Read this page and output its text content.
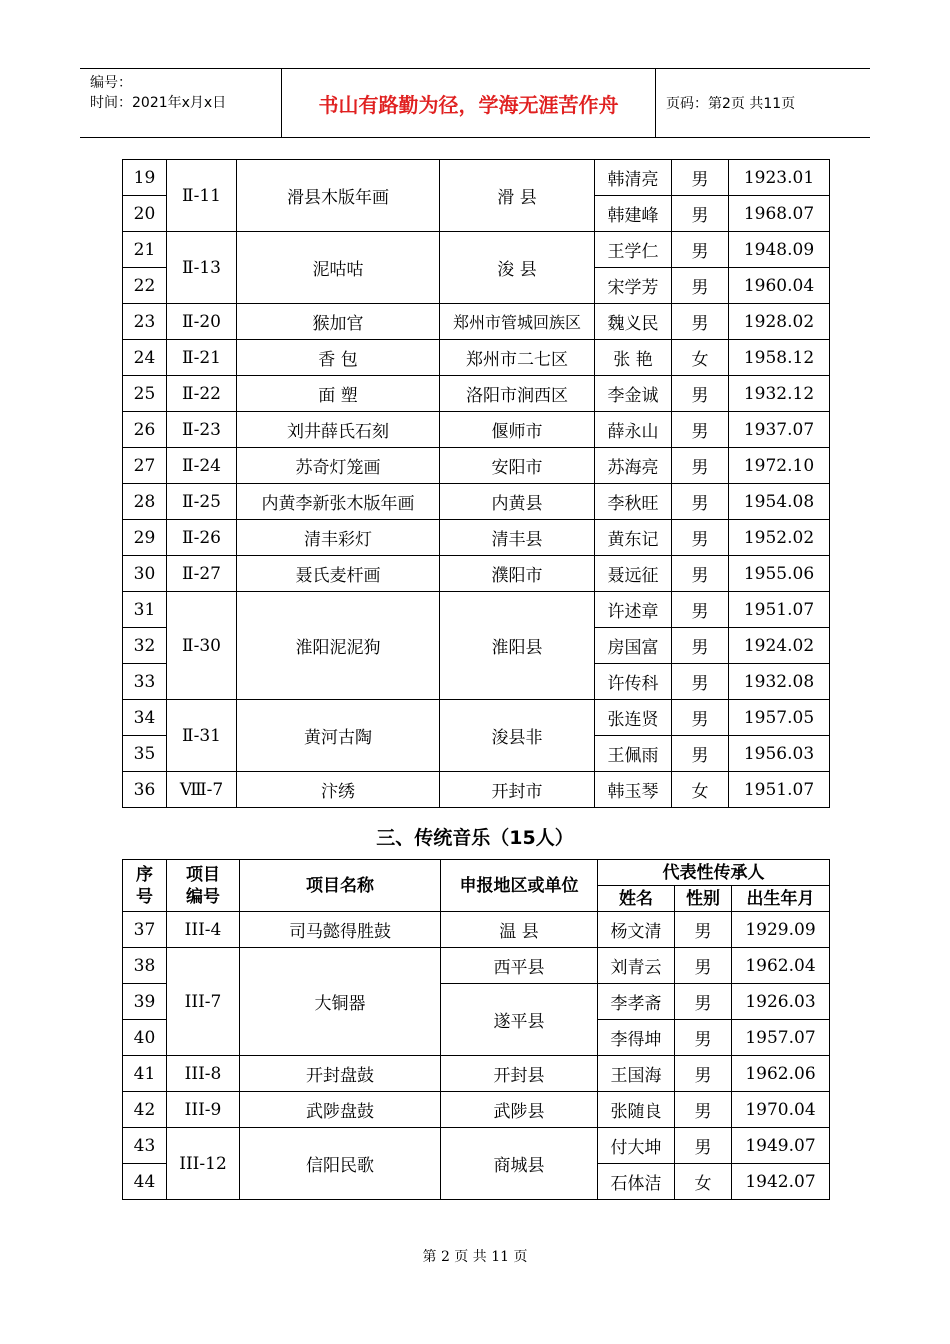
编号：
时间：2021年x月x日	书山有路勤为径，学海无涯苦作舟	页码：第2页 共11页
19	Ⅱ-11	滑县木版年画	滑 县	韩清亮	男	1923.01
20				韩建峰	男	1968.07
21	Ⅱ-13	泥咕咕	浚 县	王学仁	男	1948.09
22				宋学芳	男	1960.04
23	Ⅱ-20	猴加官	郑州市管城回族区	魏义民	男	1928.02
24	Ⅱ-21	香 包	郑州市二七区	张 艳	女	1958.12
25	Ⅱ-22	面 塑	洛阳市涧西区	李金诚	男	1932.12
26	Ⅱ-23	刘井薛氏石刻	偃师市	薛永山	男	1937.07
27	Ⅱ-24	苏奇灯笼画	安阳市	苏海亮	男	1972.10
28	Ⅱ-25	内黄李新张木版年画	内黄县	李秋旺	男	1954.08
29	Ⅱ-26	清丰彩灯	清丰县	黄东记	男	1952.02
30	Ⅱ-27	聂氏麦杆画	濮阳市	聂远征	男	1955.06
31	Ⅱ-30	淮阳泥泥狗	淮阳县	许述章	男	1951.07
32				房国富	男	1924.02
33				许传科	男	1932.08
34	Ⅱ-31	黄河古陶	浚县非	张连贤	男	1957.05
35				王佩雨	男	1956.03
36	Ⅷ-7	汴绣	开封市	韩玉琴	女	1951.07
三、传统音乐（15人）
序号	项目编号	项目名称	申报地区或单位	代表性传承人		
				姓名	性别	出生年月
37	III-4	司马懿得胜鼓	温 县	杨文清	男	1929.09
38	III-7	大铜器	西平县	刘青云	男	1962.04
39			遂平县	李孝斋	男	1926.03
40				李得坤	男	1957.07
41	III-8	开封盘鼓	开封县	王国海	男	1962.06
42	III-9	武陟盘鼓	武陟县	张随良	男	1970.04
43	III-12	信阳民歌	商城县	付大坤	男	1949.07
44				石体洁	女	1942.07
第 2 页 共 11 页
